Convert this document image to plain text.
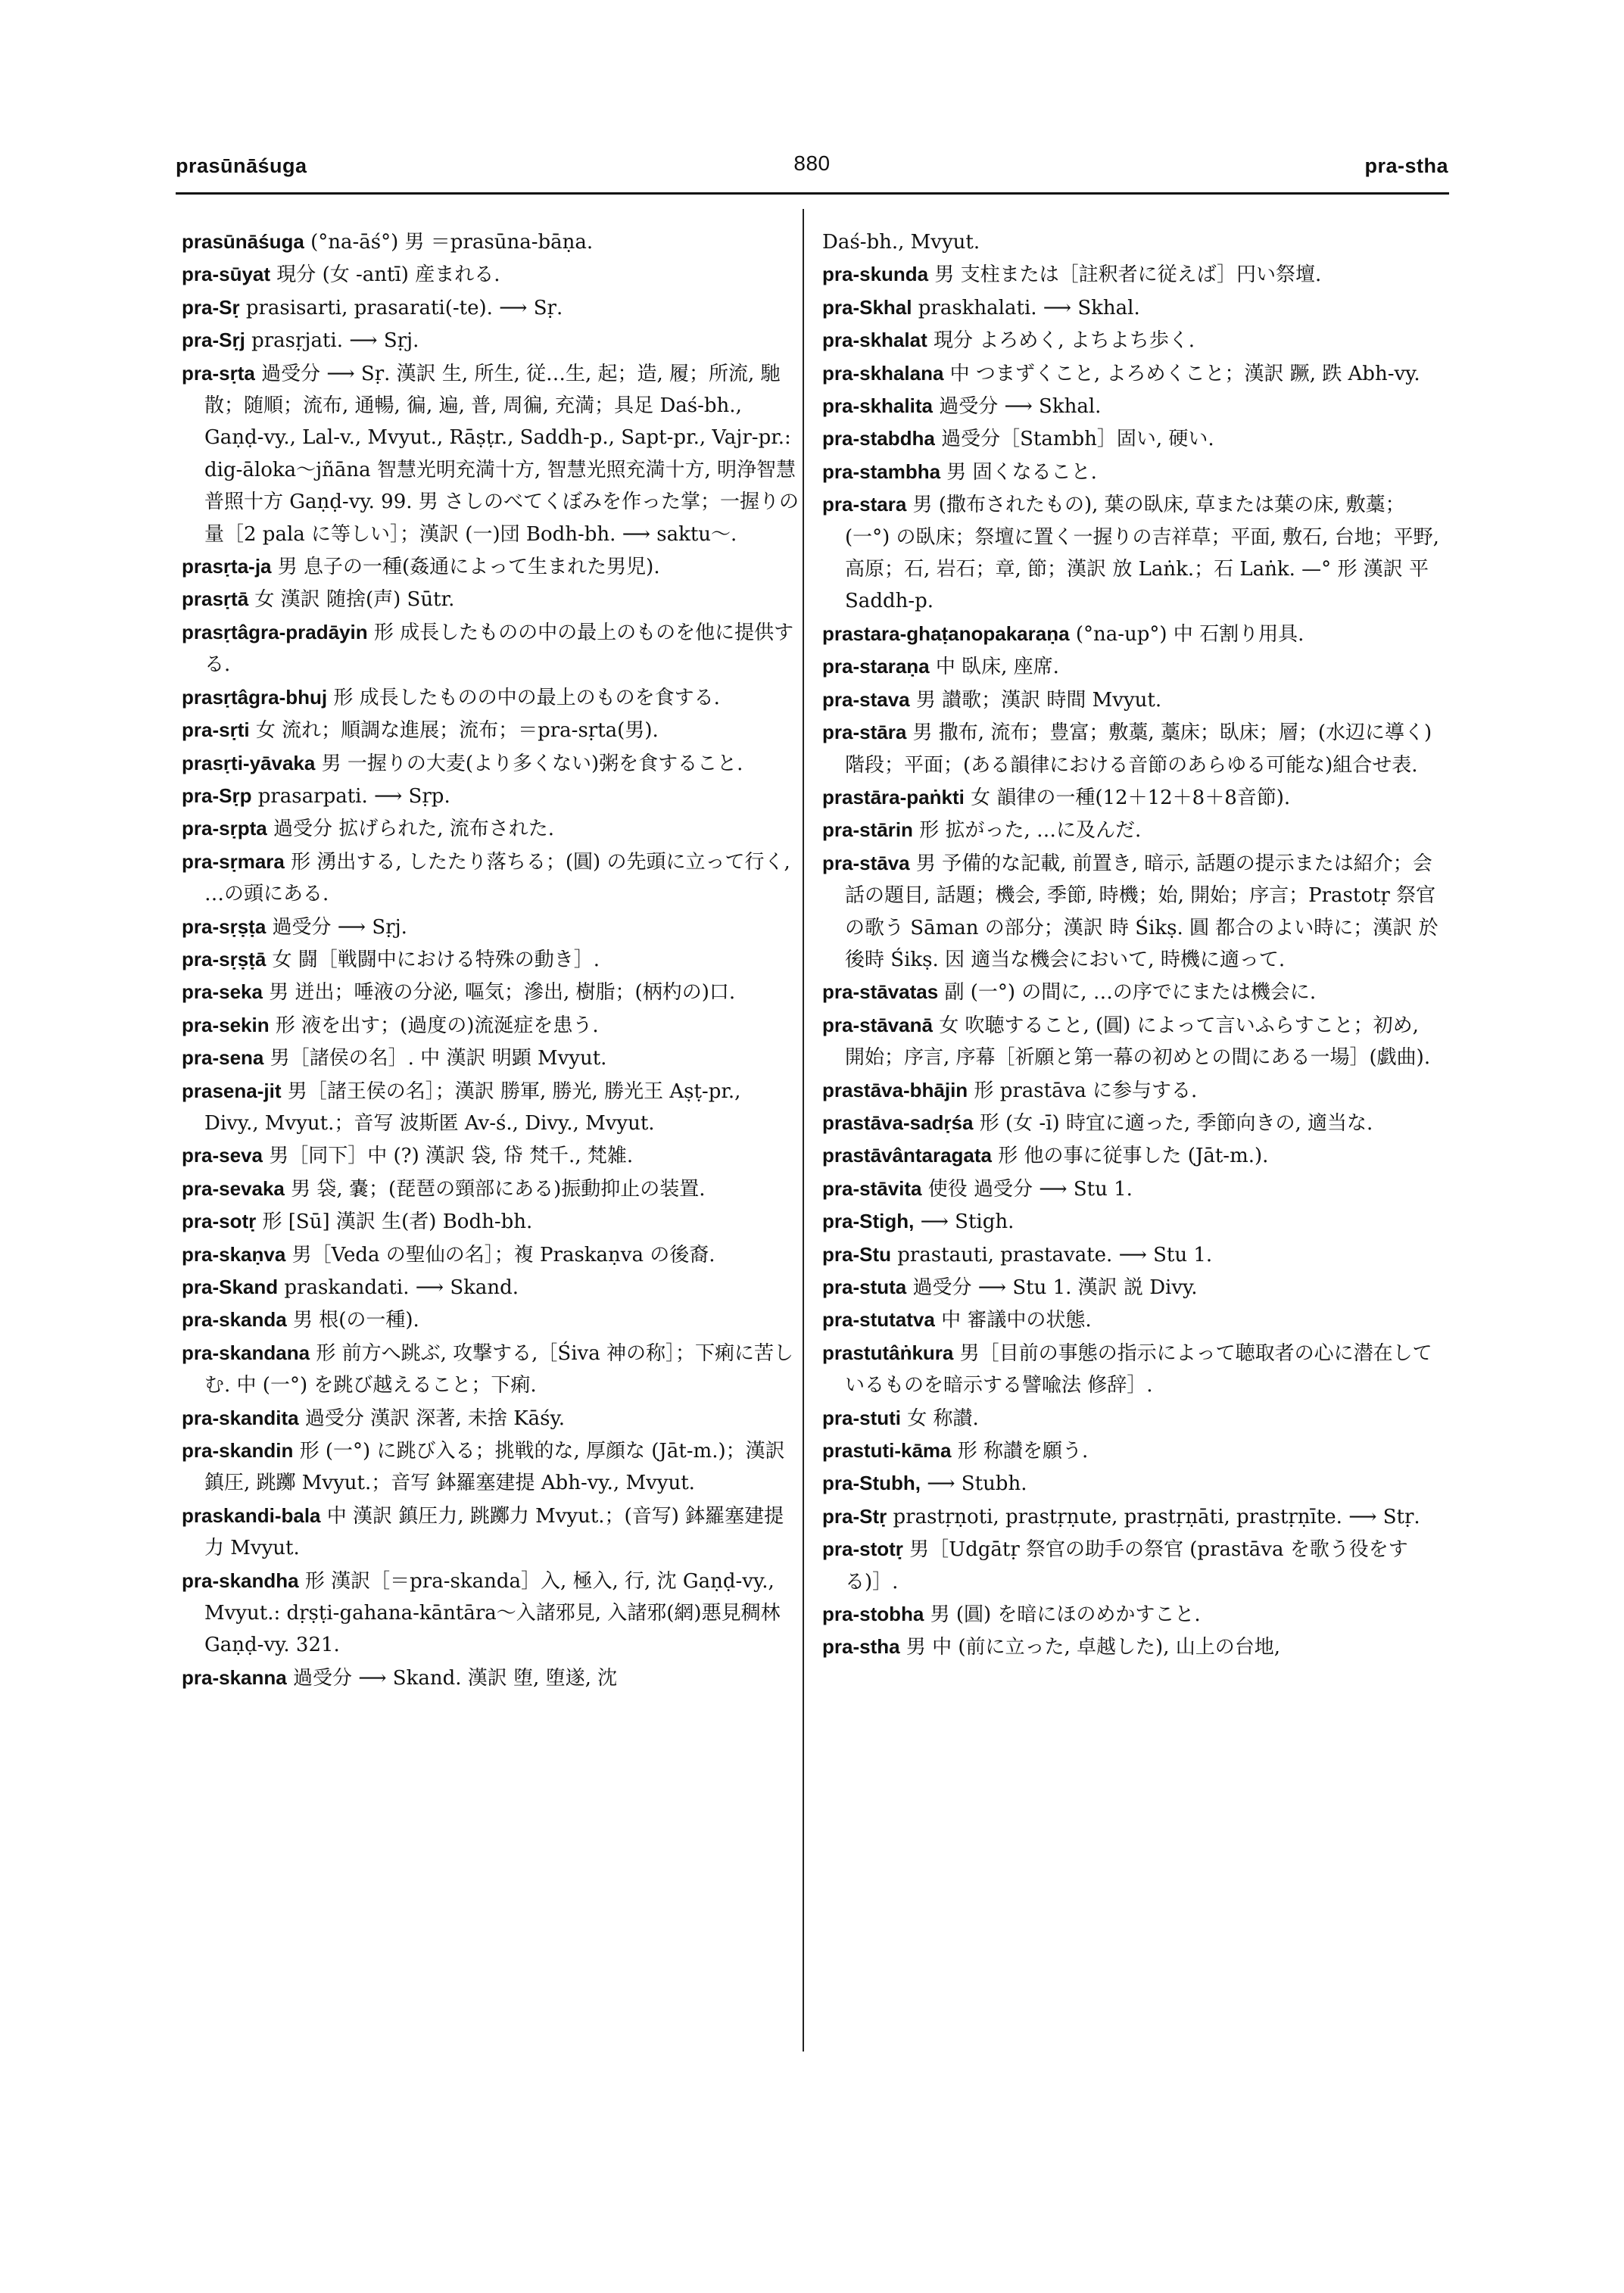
prasūnāśuga	880	pra-stha

prasūnāśuga (°na-āś°) 男 ＝prasūna-bāṇa.

pra-sūyat 現分 (女 -antī) 産まれる.

pra-Sṛ prasisarti, prasarati(-te). ⟶ Sṛ.

pra-Sṛj prasṛjati. ⟶ Sṛj.

pra-sṛta 過受分 ⟶ Sṛ. 漢訳 生, 所生, 従…生, 起；造, 履；所流, 馳散；随順；流布, 通暢, 徧, 遍, 普, 周徧, 充満；具足 Daś-bh., Gaṇḍ-vy., Lal-v., Mvyut., Rāṣṭr., Saddh-p., Sapt-pr., Vajr-pr.: dig-āloka～jñāna 智慧光明充満十方, 智慧光照充満十方, 明浄智慧普照十方 Gaṇḍ-vy. 99. 男 さしのべてくぼみを作った掌；一握りの量［2 pala に等しい］；漢訳 (一)団 Bodh-bh. ⟶ saktu～.

prasṛta-ja 男 息子の一種(姦通によって生まれた男児).

prasṛtā 女 漢訳 随捨(声) Sūtr.

prasṛtâgra-pradāyin 形 成長したものの中の最上のものを他に提供する.

prasṛtâgra-bhuj 形 成長したものの中の最上のものを食する.

pra-sṛti 女 流れ；順調な進展；流布；＝pra-sṛta(男).

prasṛti-yāvaka 男 一握りの大麦(より多くない)粥を食すること.

pra-Sṛp prasarpati. ⟶ Sṛp.

pra-sṛpta 過受分 拡げられた, 流布された.

pra-sṛmara 形 湧出する, したたり落ちる；(圓) の先頭に立って行く, …の頭にある.

pra-sṛṣṭa 過受分 ⟶ Sṛj.

pra-sṛṣṭā 女 闘［戦闘中における特殊の動き］.

pra-seka 男 迸出；唾液の分泌, 嘔気；滲出, 樹脂；(柄杓の)口.

pra-sekin 形 液を出す；(過度の)流涎症を患う.

pra-sena 男［諸侯の名］. 中 漢訳 明顕 Mvyut.

prasena-jit 男［諸王侯の名］；漢訳 勝軍, 勝光, 勝光王 Aṣṭ-pr., Divy., Mvyut.；音写 波斯匿 Av-ś., Divy., Mvyut.

pra-seva 男［同下］中 (?) 漢訳 袋, 帒 梵千., 梵雑.

pra-sevaka 男 袋, 嚢；(琵琶の頸部にある)振動抑止の装置.

pra-sotṛ 形 [Sū] 漢訳 生(者) Bodh-bh.

pra-skaṇva 男［Veda の聖仙の名］；複 Praskaṇva の後裔.

pra-Skand praskandati. ⟶ Skand.

pra-skanda 男 根(の一種).

pra-skandana 形 前方へ跳ぶ, 攻撃する,［Śiva 神の称］；下痢に苦しむ. 中 (一°) を跳び越えること；下痢.

pra-skandita 過受分 漢訳 深著, 未捨 Kāśy.

pra-skandin 形 (一°) に跳び入る；挑戦的な, 厚顔な (Jāt-m.)；漢訳 鎮圧, 跳躑 Mvyut.；音写 鉢羅塞建提 Abh-vy., Mvyut.

praskandi-bala 中 漢訳 鎮圧力, 跳躑力 Mvyut.；(音写) 鉢羅塞建提力 Mvyut.

pra-skandha 形 漢訳［＝pra-skanda］入, 極入, 行, 沈 Gaṇḍ-vy., Mvyut.: dṛṣṭi-gahana-kāntāra～入諸邪見, 入諸邪(網)悪見稠林 Gaṇḍ-vy. 321.

pra-skanna 過受分 ⟶ Skand. 漢訳 堕, 堕遂, 沈

Daś-bh., Mvyut.

pra-skunda 男 支柱または［註釈者に従えば］円い祭壇.

pra-Skhal praskhalati. ⟶ Skhal.

pra-skhalat 現分 よろめく, よちよち歩く.

pra-skhalana 中 つまずくこと, よろめくこと；漢訳 蹶, 跌 Abh-vy.

pra-skhalita 過受分 ⟶ Skhal.

pra-stabdha 過受分［Stambh］固い, 硬い.

pra-stambha 男 固くなること.

pra-stara 男 (撒布されたもの), 葉の臥床, 草または葉の床, 敷藁；(一°) の臥床；祭壇に置く一握りの吉祥草；平面, 敷石, 台地；平野, 高原；石, 岩石；章, 節；漢訳 放 Laṅk.；石 Laṅk. —° 形 漢訳 平 Saddh-p.

prastara-ghaṭanopakaraṇa (°na-up°) 中 石割り用具.

pra-staraṇa 中 臥床, 座席.

pra-stava 男 讃歌；漢訳 時間 Mvyut.

pra-stāra 男 撒布, 流布；豊富；敷藁, 藁床；臥床；層；(水辺に導く)階段；平面；(ある韻律における音節のあらゆる可能な)組合せ表.

prastāra-paṅkti 女 韻律の一種(12＋12＋8＋8音節).

pra-stārin 形 拡がった, …に及んだ.

pra-stāva 男 予備的な記載, 前置き, 暗示, 話題の提示または紹介；会話の題目, 話題；機会, 季節, 時機；始, 開始；序言；Prastotṛ 祭官の歌う Sāman の部分；漢訳 時 Śikṣ. 圓 都合のよい時に；漢訳 於後時 Śikṣ. 因 適当な機会において, 時機に適って.

pra-stāvatas 副 (一°) の間に, …の序でにまたは機会に.

pra-stāvanā 女 吹聴すること, (圓) によって言いふらすこと；初め, 開始；序言, 序幕［祈願と第一幕の初めとの間にある一場］(戯曲).

prastāva-bhājin 形 prastāva に参与する.

prastāva-sadṛśa 形 (女 -ī) 時宜に適った, 季節向きの, 適当な.

prastāvântaragata 形 他の事に従事した (Jāt-m.).

pra-stāvita 使役 過受分 ⟶ Stu 1.

pra-Stigh, ⟶ Stigh.

pra-Stu prastauti, prastavate. ⟶ Stu 1.

pra-stuta 過受分 ⟶ Stu 1. 漢訳 説 Divy.

pra-stutatva 中 審議中の状態.

prastutâṅkura 男［目前の事態の指示によって聴取者の心に潜在しているものを暗示する譬喩法 修辞］.

pra-stuti 女 称讃.

prastuti-kāma 形 称讃を願う.

pra-Stubh, ⟶ Stubh.

pra-Stṛ prastṛṇoti, prastṛṇute, prastṛṇāti, prastṛṇīte. ⟶ Stṛ.

pra-stotṛ 男［Udgātṛ 祭官の助手の祭官 (prastāva を歌う役をする)］.

pra-stobha 男 (圓) を暗にほのめかすこと.

pra-stha 男 中 (前に立った, 卓越した), 山上の台地,
